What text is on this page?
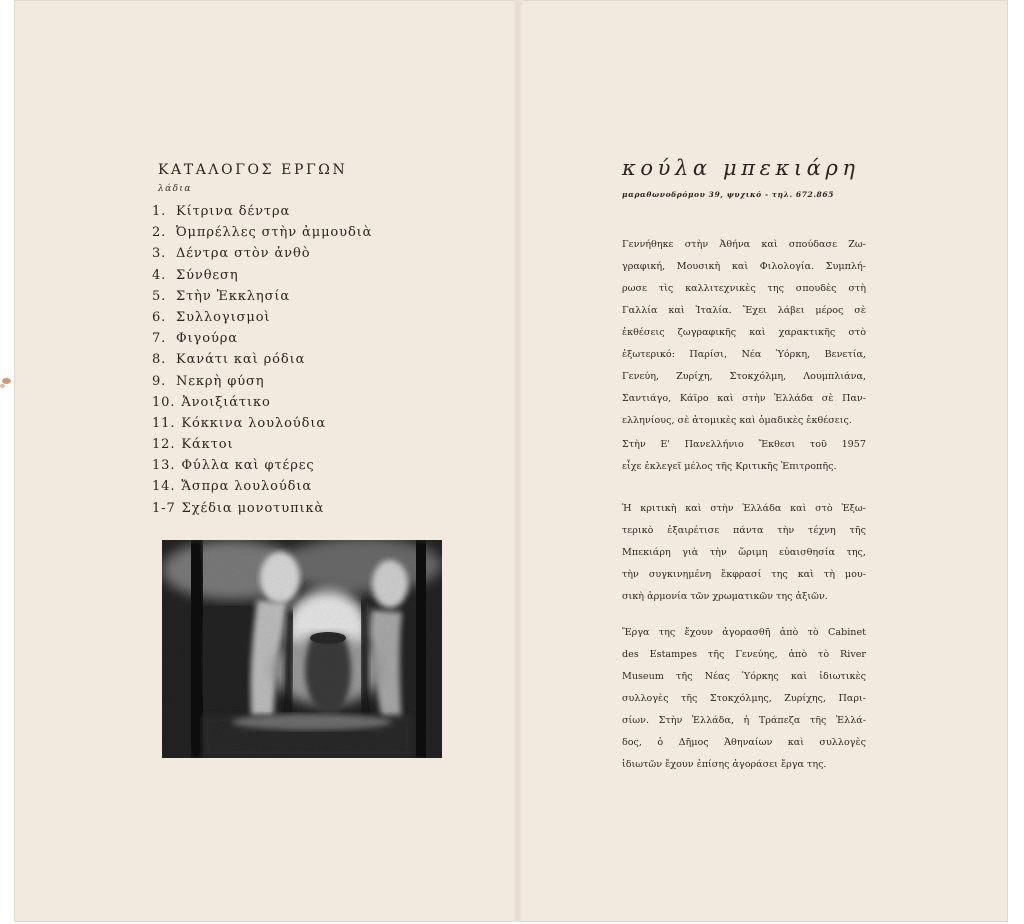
ΚΑΤΑΛΟΓΟΣ ΕΡΓΩΝ
λάδια
1. Κίτρινα δέντρα
2. Ὀμπρέλλες στὴν ἀμμουδιὰ
3. Δέντρα στὸν ἀνθὸ
4. Σύνθεση
5. Στὴν Ἐκκλησία
6. Συλλογισμοὶ
7. Φιγούρα
8. Κανάτι καὶ ρόδια
9. Νεκρὴ φύση
10. Ἀνοιξιάτικο
11. Κόκκινα λουλούδια
12. Κάκτοι
13. Φύλλα καὶ φτέρες
14. Ἄσπρα λουλούδια
1-7 Σχέδια μονοτυπικὰ
κούλα μπεκιάρη
μαραθωνοδρόμου 39, ψυχικό - τηλ. 672.865
Γεννήθηκε στὴν Ἀθήνα καὶ σπούδασε Ζω-
γραφική, Μουσικὴ καὶ Φιλολογία. Συμπλή-
ρωσε τὶς καλλιτεχνικὲς της σπουδὲς στὴ
Γαλλία καὶ Ἰταλία. Ἔχει λάβει μέρος σὲ
ἐκθέσεις ζωγραφικῆς καὶ χαρακτικῆς στὸ
ἐξωτερικό: Παρίσι, Νέα Ὑόρκη, Βενετία,
Γενεύη, Ζυρίχη, Στοκχόλμη, Λουμπλιάνα,
Σαντιάγο, Κάϊρο καὶ στὴν Ἑλλάδα σὲ Παν-
ελληνίους, σὲ ἀτομικὲς καὶ ὁμαδικὲς ἐκθέσεις.
Στὴν Ε' Πανελλήνιο Ἔκθεσι τοῦ 1957
εἶχε ἐκλεγεῖ μέλος τῆς Κριτικῆς Ἐπιτροπῆς.
Ἡ κριτικὴ καὶ στὴν Ἑλλάδα καὶ στὸ Ἐξω-
τερικὸ ἐξαιρέτισε πάντα τὴν τέχνη τῆς
Μπεκιάρη γιὰ τὴν ὥριμη εὐαισθησία της,
τὴν συγκινημένη ἔκφρασί της καὶ τὴ μου-
σικὴ ἁρμονία τῶν χρωματικῶν της ἀξιῶν.
Ἔργα της ἔχουν ἀγορασθῆ ἀπὸ τὸ Cabinet
des Estampes τῆς Γενεύης, ἀπὸ τὸ River
Museum τῆς Νέας Ὑόρκης καὶ ἰδιωτικὲς
συλλογὲς τῆς Στοκχόλμης, Ζυρίχης, Παρι-
σίων. Στὴν Ἑλλάδα, ἡ Τράπεζα τῆς Ἑλλά-
δος, ὁ Δῆμος Ἀθηναίων καὶ συλλογὲς
ἰδιωτῶν ἔχουν ἐπίσης ἀγοράσει ἔργα της.
